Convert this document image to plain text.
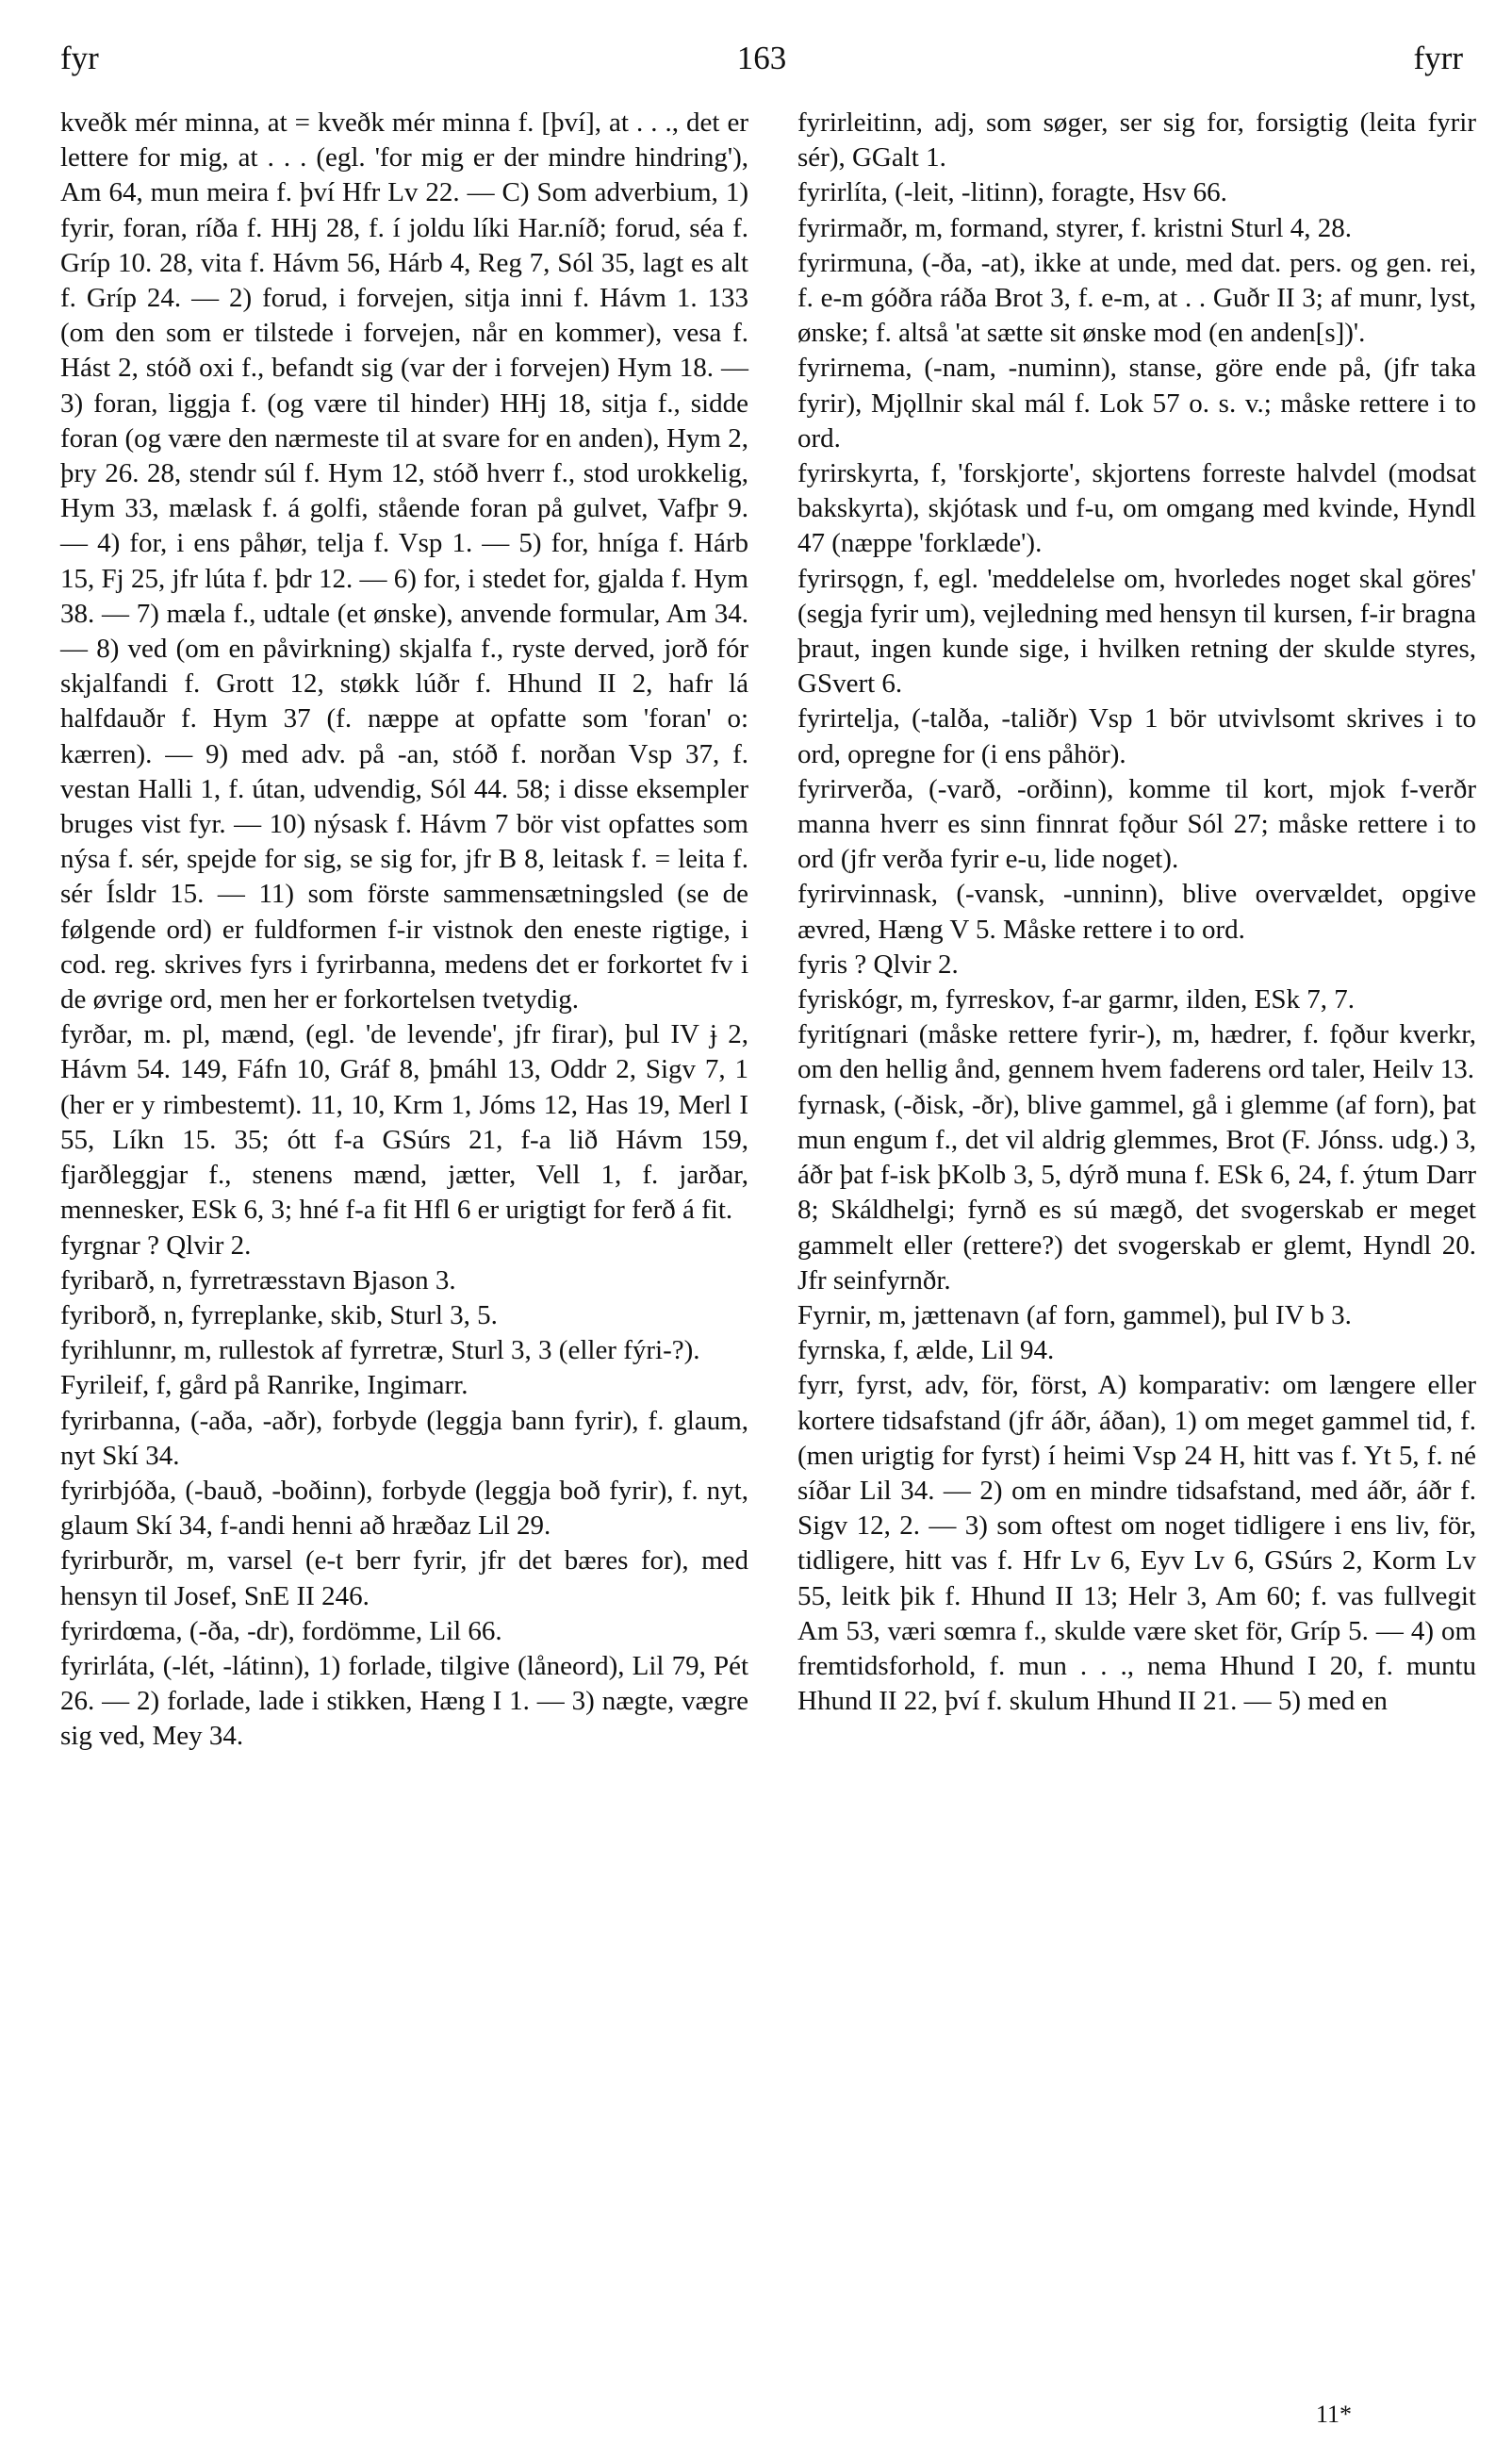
fyr	163	fyrr

kveðk mér minna, at = kveðk mér minna f. [því], at . . ., det er lettere for mig, at . . . (egl. 'for mig er der mindre hindring'), Am 64, mun meira f. því Hfr Lv 22. — C) Som adverbium, 1) fyrir, foran, ríða f. HHj 28, f. í joldu líki Har.níð; forud, séa f. Gríp 10. 28, vita f. Hávm 56, Hárb 4, Reg 7, Sól 35, lagt es alt f. Gríp 24. — 2) forud, i forvejen, sitja inni f. Hávm 1. 133 (om den som er tilstede i forvejen, når en kommer), vesa f. Hást 2, stóð oxi f., befandt sig (var der i forvejen) Hym 18. — 3) foran, liggja f. (og være til hinder) HHj 18, sitja f., sidde foran (og være den nærmeste til at svare for en anden), Hym 2, þry 26. 28, stendr súl f. Hym 12, stóð hverr f., stod urokkelig, Hym 33, mælask f. á golfi, stående foran på gulvet, Vafþr 9. — 4) for, i ens påhør, telja f. Vsp 1. — 5) for, hníga f. Hárb 15, Fj 25, jfr lúta f. þdr 12. — 6) for, i stedet for, gjalda f. Hym 38. — 7) mæla f., udtale (et ønske), anvende formular, Am 34. — 8) ved (om en påvirkning) skjalfa f., ryste derved, jorð fór skjalfandi f. Grott 12, støkk lúðr f. Hhund II 2, hafr lá halfdauðr f. Hym 37 (f. næppe at opfatte som 'foran' o: kærren). — 9) med adv. på -an, stóð f. norðan Vsp 37, f. vestan Halli 1, f. útan, udvendig, Sól 44. 58; i disse eksempler bruges vist fyr. — 10) nýsask f. Hávm 7 bör vist opfattes som nýsa f. sér, spejde for sig, se sig for, jfr B 8, leitask f. = leita f. sér Ísldr 15. — 11) som förste sammensætningsled (se de følgende ord) er fuldformen f-ir vistnok den eneste rigtige, i cod. reg. skrives fyrs i fyrirbanna, medens det er forkortet fv i de øvrige ord, men her er forkortelsen tvetydig.

fyrðar, m. pl, mænd, (egl. 'de levende', jfr firar), þul IV ɉ 2, Hávm 54. 149, Fáfn 10, Gráf 8, þmáhl 13, Oddr 2, Sigv 7, 1 (her er y rimbestemt). 11, 10, Krm 1, Jóms 12, Has 19, Merl I 55, Líkn 15. 35; ótt f-a GSúrs 21, f-a lið Hávm 159, fjarðleggjar f., stenens mænd, jætter, Vell 1, f. jarðar, mennesker, ESk 6, 3; hné f-a fit Hfl 6 er urigtigt for ferð á fit.

fyrgnar ? Qlvir 2.

fyribarð, n, fyrretræsstavn Bjason 3.

fyriborð, n, fyrreplanke, skib, Sturl 3, 5.

fyrihlunnr, m, rullestok af fyrretræ, Sturl 3, 3 (eller fýri-?).

Fyrileif, f, gård på Ranrike, Ingimarr.

fyrirbanna, (-aða, -aðr), forbyde (leggja bann fyrir), f. glaum, nyt Skí 34.

fyrirbjóða, (-bauð, -boðinn), forbyde (leggja boð fyrir), f. nyt, glaum Skí 34, f-andi henni að hræðaz Lil 29.

fyrirburðr, m, varsel (e-t berr fyrir, jfr det bæres for), med hensyn til Josef, SnE II 246.

fyrirdœma, (-ða, -dr), fordömme, Lil 66.

fyrirláta, (-lét, -látinn), 1) forlade, tilgive (låneord), Lil 79, Pét 26. — 2) forlade, lade i stikken, Hæng I 1. — 3) nægte, vægre sig ved, Mey 34.

fyrirleitinn, adj, som søger, ser sig for, forsigtig (leita fyrir sér), GGalt 1.

fyrirlíta, (-leit, -litinn), foragte, Hsv 66.

fyrirmaðr, m, formand, styrer, f. kristni Sturl 4, 28.

fyrirmuna, (-ða, -at), ikke at unde, med dat. pers. og gen. rei, f. e-m góðra ráða Brot 3, f. e-m, at . . Guðr II 3; af munr, lyst, ønske; f. altså 'at sætte sit ønske mod (en anden[s])'.

fyrirnema, (-nam, -numinn), stanse, göre ende på, (jfr taka fyrir), Mjǫllnir skal mál f. Lok 57 o. s. v.; måske rettere i to ord.

fyrirskyrta, f, 'forskjorte', skjortens forreste halvdel (modsat bakskyrta), skjótask und f-u, om omgang med kvinde, Hyndl 47 (næppe 'forklæde').

fyrirsǫgn, f, egl. 'meddelelse om, hvorledes noget skal göres' (segja fyrir um), vejledning med hensyn til kursen, f-ir bragna þraut, ingen kunde sige, i hvilken retning der skulde styres, GSvert 6.

fyrirtelja, (-talða, -taliðr) Vsp 1 bör utvivlsomt skrives i to ord, opregne for (i ens påhör).

fyrirverða, (-varð, -orðinn), komme til kort, mjok f-verðr manna hverr es sinn finnrat fǫður Sól 27; måske rettere i to ord (jfr verða fyrir e-u, lide noget).

fyrirvinnask, (-vansk, -unninn), blive overvældet, opgive ævred, Hæng V 5. Måske rettere i to ord.

fyris ? Qlvir 2.

fyriskógr, m, fyrreskov, f-ar garmr, ilden, ESk 7, 7.

fyritígnari (måske rettere fyrir-), m, hædrer, f. fǫður kverkr, om den hellig ånd, gennem hvem faderens ord taler, Heilv 13.

fyrnask, (-ðisk, -ðr), blive gammel, gå i glemme (af forn), þat mun engum f., det vil aldrig glemmes, Brot (F. Jónss. udg.) 3, áðr þat f-isk þKolb 3, 5, dýrð muna f. ESk 6, 24, f. ýtum Darr 8; Skáldhelgi; fyrnð es sú mægð, det svogerskab er meget gammelt eller (rettere?) det svogerskab er glemt, Hyndl 20. Jfr seinfyrnðr.

Fyrnir, m, jættenavn (af forn, gammel), þul IV b 3.

fyrnska, f, ælde, Lil 94.

fyrr, fyrst, adv, för, först, A) komparativ: om længere eller kortere tidsafstand (jfr áðr, áðan), 1) om meget gammel tid, f. (men urigtig for fyrst) í heimi Vsp 24 H, hitt vas f. Yt 5, f. né síðar Lil 34. — 2) om en mindre tidsafstand, med áðr, áðr f. Sigv 12, 2. — 3) som oftest om noget tidligere i ens liv, för, tidligere, hitt vas f. Hfr Lv 6, Eyv Lv 6, GSúrs 2, Korm Lv 55, leitk þik f. Hhund II 13; Helr 3, Am 60; f. vas fullvegit Am 53, væri sœmra f., skulde være sket för, Gríp 5. — 4) om fremtidsforhold, f. mun . . ., nema Hhund I 20, f. muntu Hhund II 22, því f. skulum Hhund II 21. — 5) med en

11*
